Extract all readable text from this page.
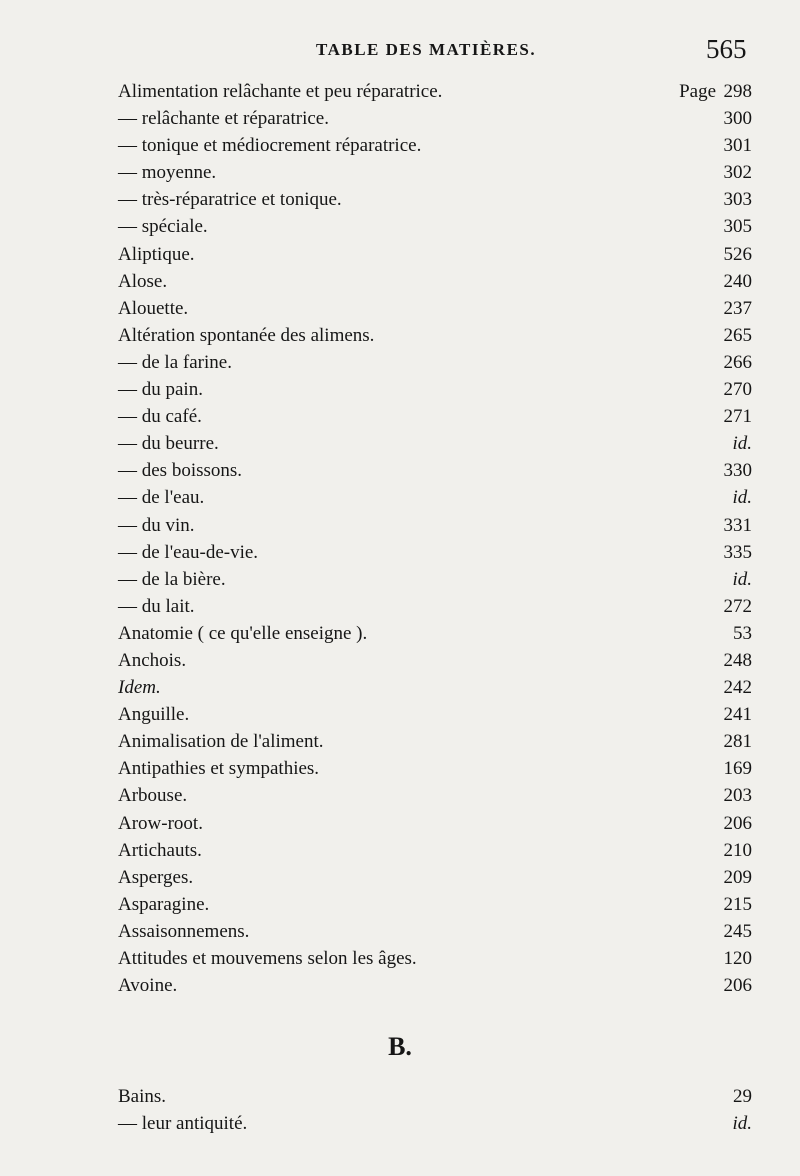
TABLE DES MATIÈRES.	565
Alimentation relâchante et peu réparatrice.	Page 298
— relâchante et réparatrice.	300
— tonique et médiocrement réparatrice.	301
— moyenne.	302
— très-réparatrice et tonique.	303
— spéciale.	305
Aliptique.	526
Alose.	240
Alouette.	237
Altération spontanée des alimens.	265
— de la farine.	266
— du pain.	270
— du café.	271
— du beurre.	id.
— des boissons.	330
— de l'eau.	id.
— du vin.	331
— de l'eau-de-vie.	335
— de la bière.	id.
— du lait.	272
Anatomie ( ce qu'elle enseigne ).	53
Anchois.	248
Idem.	242
Anguille.	241
Animalisation de l'aliment.	281
Antipathies et sympathies.	169
Arbouse.	203
Arow-root.	206
Artichauts.	210
Asperges.	209
Asparagine.	215
Assaisonnemens.	245
Attitudes et mouvemens selon les âges.	120
Avoine.	206
B.
Bains.	29
— leur antiquité.	id.
